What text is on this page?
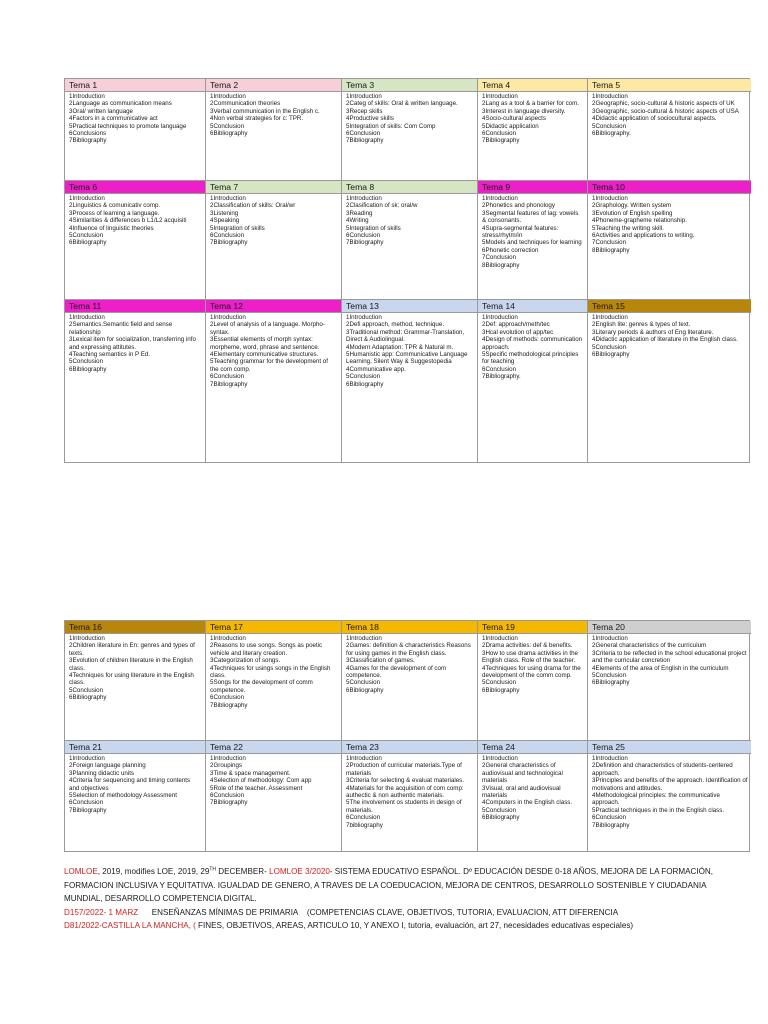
Tema 1
1Introduction
2Language as communication means
3Oral/ written language
4Factors in a communicative act
5Practical techniques to promote language
6Conclusions
7Bibliography
Tema 2
1Introduction
2Communication theories
3Verbal communication in the English c.
4Non verbal strategies for c: TPR.
5Conclusion
6Bibliography
Tema 3
1Introduction
2Categ of skills: Oral & written language.
3Recep skills
4Productive skills
5Integration of skills: Com Comp
6Conclusion
7Bibliography
Tema 4
1Introduction
2Lang as a tool & a barrier for com.
3Interest in language diversity.
4Socio-cultural aspects
5Didactic application
6Conclusion
7Bibliography
Tema 5
1Introduction
2Geographic, socio-cultural & historic aspects of UK
3Geographic, socio-cultural & historic aspects of USA
4Didactic application of sociocultural aspects.
5Conclusion
6Bibliography.
Tema 6
1Introduction
2Linguistics & comunicativ comp.
3Process of learning a language.
4Similarities & differences b L1/L2 acquisiti
4Influence of linguistic theories
5Conclusion
6Bibliography
Tema 7
1Introduction
2Classification of skills: Oral/wr
3Listening
4Speaking
5Integration of skills
6Conclusion
7Bibliography
Tema 8
1Introduction
2Clasification of sk: oral/w
3Reading
4Writing
5Integration of skills
6Conclusion
7Bibliography
Tema 9
1Introduction
2Phonetics and phonology
3Segmental features of lag: vowels & consonants.
4Supra-segmental features: stress/rhytm/in
5Models and techniques for learning
6Phonetic correction
7Conclusion
8Bibliography
Tema 10
1Introduction
2Graphology. Written system
3Evolution of English spelling
4Phoneme-grapheme relationship.
5Teaching the writing skill.
6Activities and applications to writing.
7Conclusion
8Bibliography
Tema 11
1Introduction
2Semantics.Semantic field and sense relationship
3Lexical item for socialization, transferring info and expressing attitutes.
4Teaching semantics in P Ed.
5Conclusion
6Bibliography
Tema 12
1Introduction
2Level of analysis of a language. Morpho-syntax.
3Essential elements of morph syntax: morpheme, word, phrase and sentence.
4Elementary communicative structures.
5Teaching grammar for the development of the com comp.
6Conclusion
7Bibliography
Tema 13
1Introduction
2Defi approach, method, technique.
3Traditional method: Grammar-Translation, Direct & Audiolingual.
4Modern Adaptation: TPR & Natural m.
5Humanistic app: Communicative Language Learning, Silent Way & Suggestopedia
4Communicative app.
5Conclusion
6Bibliography
Tema 14
1Introduction
2Def: approach/meth/tec
3Hcal evolution of app/tec
4Design of methods: communication approach.
5Specific methodological principles for teaching
6Conclusion
7Bibliography.
Tema 15
1Introduction
2English lite: genres & types of text.
3Literary periods & authors of Eng literature.
4Didactic application of literature in the English class.
5Conclusion
6Bibliography
Tema 16
1Introduction
2Children literature in En: genres and types of texts.
3Evolution of children literature in the English class.
4Techniques for using literature in the English class.
5Conclusion
6Bibliography
Tema 17
1Introduction
2Reasons to use songs. Songs as poetic vehicle and literary creation.
3Categorization of songs.
4Techniques for usings songs in the English class.
5Songs for the development of comm competence.
6Conclusion
7Bibliography
Tema 18
1Introduction
2Games: definition & characteristics Reasons for using games in the English class.
3Classification of games.
4Games for the development of com competence.
5Conclusion
6Bibliography
Tema 19
1Introduction
2Drama activities: def & benefits.
3How to use drama activities in the English class. Role of the teacher.
4Techniques for using drama for the development of the comm comp.
5Conclusion
6Bibliography
Tema 20
1Introduction
2General characteristics of the curriculum
3Criteria to be reflected in the school educational project and the curricular concretion
4Elements of the area of English in the curriculum
5Conclusion
6Bibliography
Tema 21
1Introduction
2Foreign language planning
3Planning didactic units
4Criteria for sequencing and timing contents and objectives
5Selection of methodology Assessment
6Conclusion
7Bibliography
Tema 22
1Introduction
2Groupings
3Time & space management.
4Selection of methodology: Com app
5Role of the teacher. Assessment
6Conclusion
7Bibliography
Tema 23
1Introduction
2Production of curricular materials.Type of materials
3Criteria for selecting & evaluat materiales.
4Materials for the acquisition of com comp: authectic & non authentic materials.
5The involvement os students in design of materials.
6Conclusion
7bibliography
Tema 24
1Introduction
2General characteristics of audiovisual and technological materials
3Visual, oral and audiovisual materials
4Computers in the English class.
5Conclusion
6Bibliography
Tema 25
1Introduction
2Definition and characteristics of students-centered approach.
3Principles and benefits of the approach. Identification of motivations and attitudes.
4Methodological principles: the communicative approach.
5Practical techniques in the in the English class.
6Conclusion
7Bibliography
LOMLOE, 2019, modifies LOE, 2019, 29TH DECEMBER- LOMLOE 3/2020- SISTEMA EDUCATIVO ESPAÑOL. Dº EDUCACIÓN DESDE 0-18 AÑOS, MEJORA DE LA FORMACIÓN, FORMACION INCLUSIVA Y EQUITATIVA. IGUALDAD DE GENERO, A TRAVES DE LA COEDUCACION, MEJORA DE CENTROS, DESARROLLO SOSTENIBLE Y CIUDADANIA MUNDIAL, DESARROLLO COMPETENCIA DIGITAL.
D157/2022- 1 MARZ      ENSEÑANZAS MÍNIMAS DE PRIMARIA    (COMPETENCIAS CLAVE, OBJETIVOS, TUTORIA, EVALUACION, ATT DIFERENCIA
D81/2022-CASTILLA LA MANCHA, ( FINES, OBJETIVOS, AREAS, ARTICULO 10, Y ANEXO I, tutoria, evaluación, art 27, necesidades educativas especiales)
